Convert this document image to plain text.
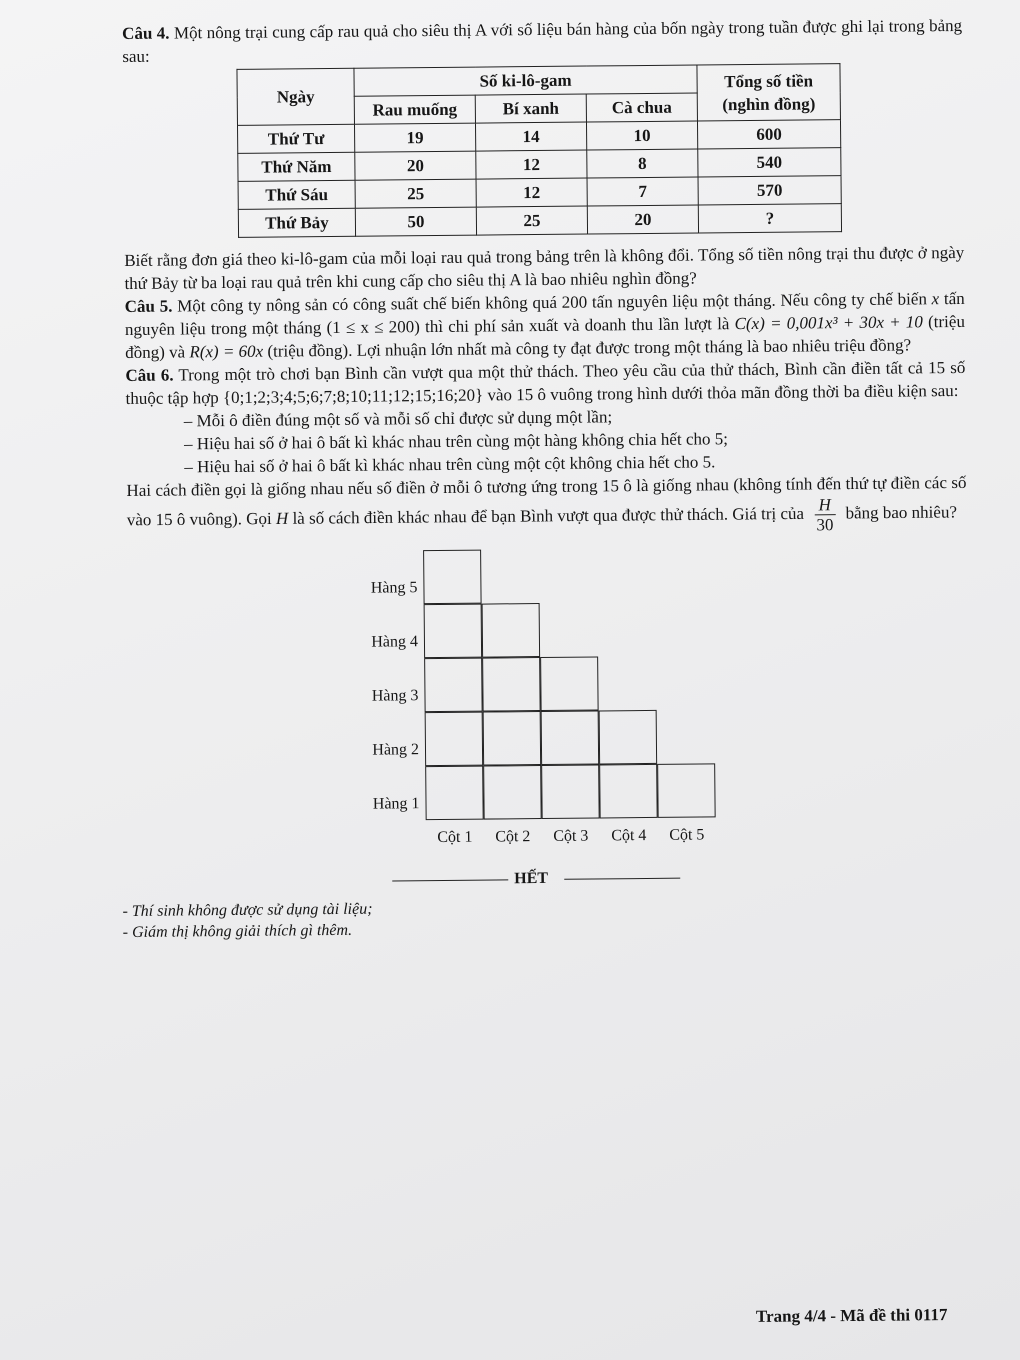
Câu 4. Một nông trại cung cấp rau quả cho siêu thị A với số liệu bán hàng của bốn ngày trong tuần được ghi lại trong bảng sau:

Ngày	Số ki-lô-gam			Tổng số tiền (nghìn đồng)
	Rau muống	Bí xanh	Cà chua	
Thứ Tư	19	14	10	600
Thứ Năm	20	12	8	540
Thứ Sáu	25	12	7	570
Thứ Bảy	50	25	20	?

Biết rằng đơn giá theo ki-lô-gam của mỗi loại rau quả trong bảng trên là không đổi. Tổng số tiền nông trại thu được ở ngày thứ Bảy từ ba loại rau quả trên khi cung cấp cho siêu thị A là bao nhiêu nghìn đồng?

Câu 5. Một công ty nông sản có công suất chế biến không quá 200 tấn nguyên liệu một tháng. Nếu công ty chế biến x tấn nguyên liệu trong một tháng (1 ≤ x ≤ 200) thì chi phí sản xuất và doanh thu lần lượt là C(x) = 0,001x³ + 30x + 10 (triệu đồng) và R(x) = 60x (triệu đồng). Lợi nhuận lớn nhất mà công ty đạt được trong một tháng là bao nhiêu triệu đồng?

Câu 6. Trong một trò chơi bạn Bình cần vượt qua một thử thách. Theo yêu cầu của thử thách, Bình cần điền tất cả 15 số thuộc tập hợp {0;1;2;3;4;5;6;7;8;10;11;12;15;16;20} vào 15 ô vuông trong hình dưới thỏa mãn đồng thời ba điều kiện sau:

– Mỗi ô điền đúng một số và mỗi số chỉ được sử dụng một lần;
– Hiệu hai số ở hai ô bất kì khác nhau trên cùng một hàng không chia hết cho 5;
– Hiệu hai số ở hai ô bất kì khác nhau trên cùng một cột không chia hết cho 5.

Hai cách điền gọi là giống nhau nếu số điền ở mỗi ô tương ứng trong 15 ô là giống nhau (không tính đến thứ tự điền các số vào 15 ô vuông). Gọi H là số cách điền khác nhau để bạn Bình vượt qua được thử thách. Giá trị của $\frac{H}{30}$ bằng bao nhiêu?

Hàng 5
Hàng 4
Hàng 3
Hàng 2
Hàng 1
Cột 1	Cột 2	Cột 3	Cột 4	Cột 5
HẾT
- Thí sinh không được sử dụng tài liệu;
- Giám thị không giải thích gì thêm.
Trang 4/4 - Mã đề thi 0117
